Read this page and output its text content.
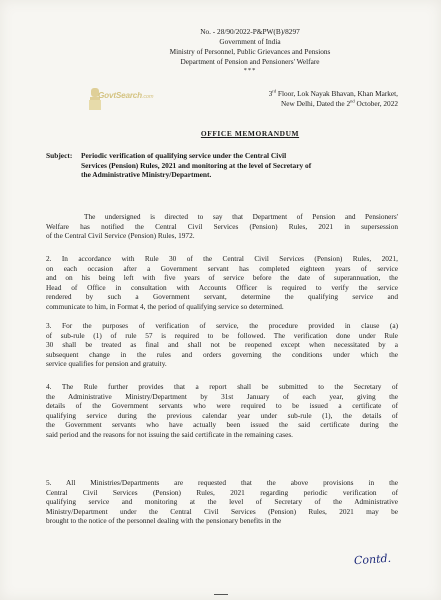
No. - 28/90/2022-P&PW(B)/8297
Government of India
Ministry of Personnel, Public Grievances and Pensions
Department of Pension and Pensioners' Welfare
***
GovtSearch.com	3rd Floor, Lok Nayak Bhavan, Khan Market,
New Delhi, Dated the 2nd October, 2022
OFFICE MEMORANDUM
Subject: Periodic verification of qualifying service under the Central Civil
Services (Pension) Rules, 2021 and monitoring at the level of Secretary of
the Administrative Ministry/Department.
The undersigned is directed to say that Department of Pension and Pensioners'
Welfare has notified the Central Civil Services (Pension) Rules, 2021 in supersession
of the Central Civil Service (Pension) Rules, 1972.
2. In accordance with Rule 30 of the Central Civil Services (Pension) Rules, 2021,
on each occasion after a Government servant has completed eighteen years of service
and on his being left with five years of service before the date of superannuation, the
Head of Office in consultation with Accounts Officer is required to verify the service
rendered by such a Government servant, determine the qualifying service and
communicate to him, in Format 4, the period of qualifying service so determined.
3. For the purposes of verification of service, the procedure provided in clause (a)
of sub-rule (1) of rule 57 is required to be followed. The verification done under Rule
30 shall be treated as final and shall not be reopened except when necessitated by a
subsequent change in the rules and orders governing the conditions under which the
service qualifies for pension and gratuity.
4. The Rule further provides that a report shall be submitted to the Secretary of
the Administrative Ministry/Department by 31st January of each year, giving the
details of the Government servants who were required to be issued a certificate of
qualifying service during the previous calendar year under sub-rule (1), the details of
the Government servants who have actually been issued the said certificate during the
said period and the reasons for not issuing the said certificate in the remaining cases.
5. All Ministries/Departments are requested that the above provisions in the
Central Civil Services (Pension) Rules, 2021 regarding periodic verification of
qualifying service and monitoring at the level of Secretary of the Administrative
Ministry/Department under the Central Civil Services (Pension) Rules, 2021 may be
brought to the notice of the personnel dealing with the pensionary benefits in the
Contd.
